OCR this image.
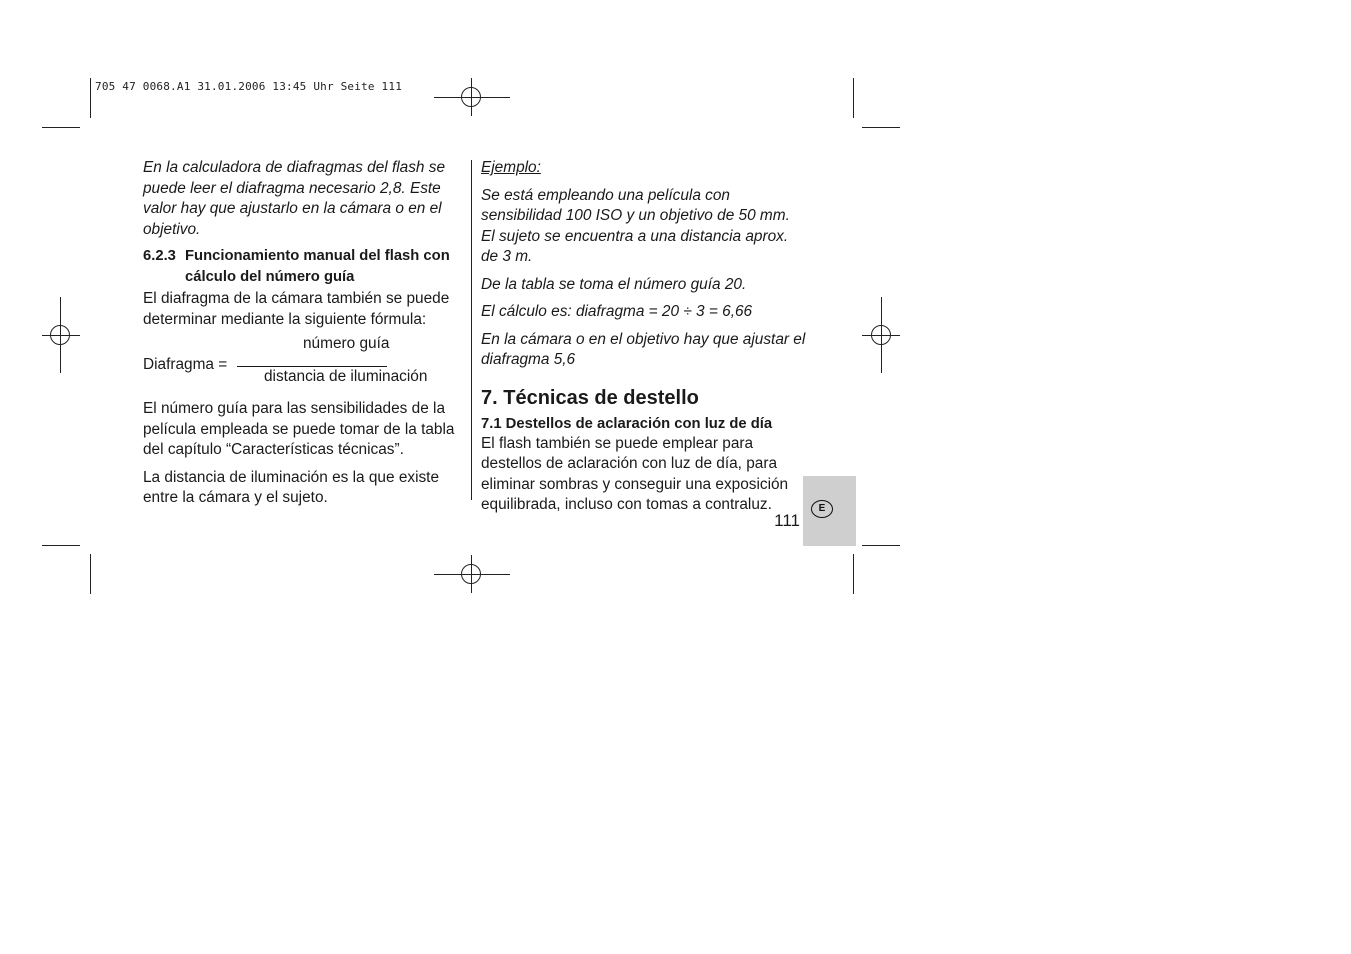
705 47 0068.A1 31.01.2006 13:45 Uhr Seite 111

En la calculadora de diafragmas del flash se puede leer el diafragma necesario 2,8. Este valor hay que ajustarlo en la cámara o en el objetivo.

6.2.3 Funcionamiento manual del flash con

cálculo del número guía

El diafragma de la cámara también se puede determinar mediante la siguiente fórmula:

Diafragma =
número guía
distancia de iluminación

El número guía para las sensibilidades de la película empleada se puede tomar de la tabla del capítulo “Características técnicas”.

La distancia de iluminación es la que existe entre la cámara y el sujeto.

Ejemplo:

Se está empleando una película con sensibilidad 100 ISO y un objetivo de 50 mm. El sujeto se encuentra a una distancia aprox. de 3 m.

De la tabla se toma el número guía 20.

El cálculo es: diafragma = 20 ÷ 3 = 6,66

En la cámara o en el objetivo hay que ajustar el diafragma 5,6

7. Técnicas de destello

7.1 Destellos de aclaración con luz de día

El flash también se puede emplear para destellos de aclaración con luz de día, para eliminar sombras y conseguir una exposición equilibrada, incluso con tomas a contraluz.

111
E
